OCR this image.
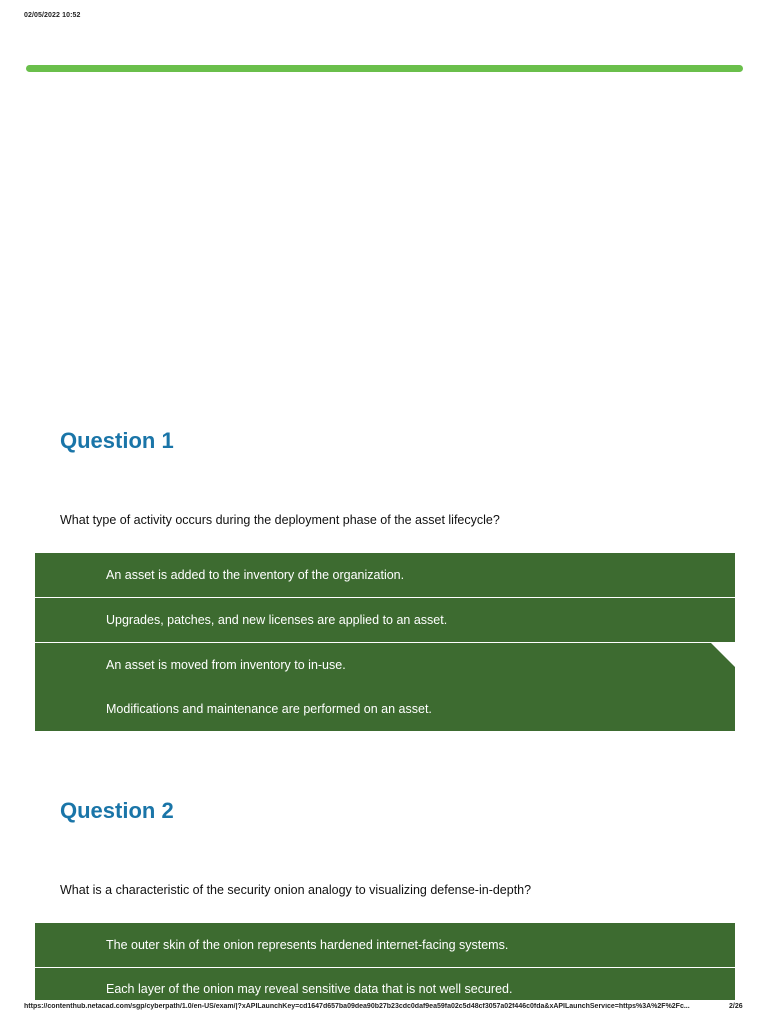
02/05/2022 10:52
Question 1
What type of activity occurs during the deployment phase of the asset lifecycle?
An asset is added to the inventory of the organization.
Upgrades, patches, and new licenses are applied to an asset.
An asset is moved from inventory to in-use.
Modifications and maintenance are performed on an asset.
Question 2
What is a characteristic of the security onion analogy to visualizing defense-in-depth?
The outer skin of the onion represents hardened internet-facing systems.
Each layer of the onion may reveal sensitive data that is not well secured.
https://contenthub.netacad.com/sgp/cyberpath/1.0/en-US/exam/|?xAPILaunchKey=cd1647d657ba09dea90b27b23cdc0daf9ea59fa02c5d48cf3057a02f446c0fda&xAPILaunchService=https%3A%2F%2Fc...	2/26
